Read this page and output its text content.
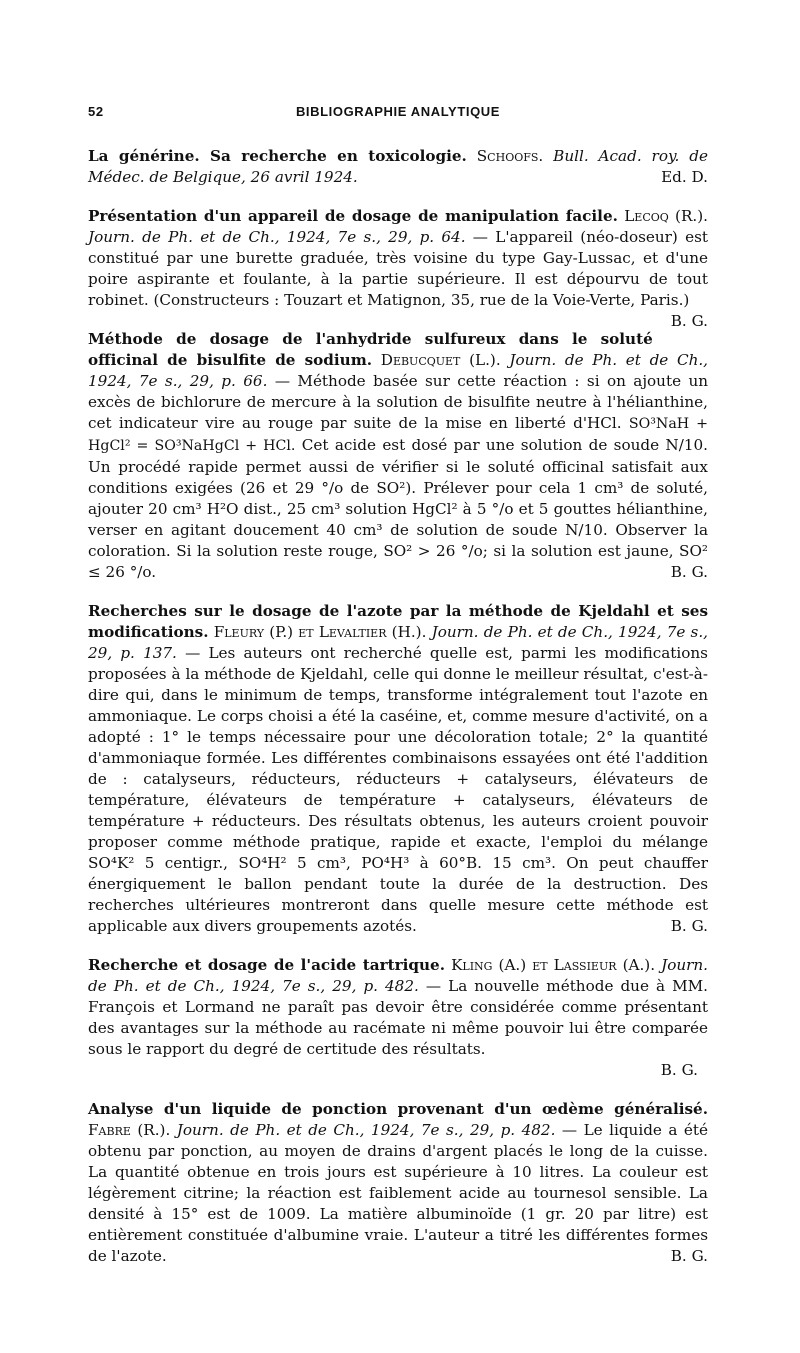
52	BIBLIOGRAPHIE ANALYTIQUE
La générine. Sa recherche en toxicologie. Schoofs. Bull. Acad. roy. de Médec. de Belgique, 26 avril 1924.	Ed. D.
Présentation d'un appareil de dosage de manipulation facile. Lecoq (R.). Journ. de Ph. et de Ch., 1924, 7e s., 29, p. 64. — L'appareil (néo-doseur) est constitué par une burette graduée, très voisine du type Gay-Lussac, et d'une poire aspirante et foulante, à la partie supérieure. Il est dépourvu de tout robinet. (Constructeurs : Touzart et Matignon, 35, rue de la Voie-Verte, Paris.)
B. G.
Méthode de dosage de l'anhydride sulfureux dans le soluté officinal de bisulfite de sodium. Debucquet (L.). Journ. de Ph. et de Ch., 1924, 7e s., 29, p. 66. — Méthode basée sur cette réaction : si on ajoute un excès de bichlorure de mercure à la solution de bisulfite neutre à l'hélianthine, cet indicateur vire au rouge par suite de la mise en liberté d'HCl. SO³NaH + HgCl² = SO³NaHgCl + HCl. Cet acide est dosé par une solution de soude N/10. Un procédé rapide permet aussi de vérifier si le soluté officinal satisfait aux conditions exigées (26 et 29 °/o de SO²). Prélever pour cela 1 cm³ de soluté, ajouter 20 cm³ H²O dist., 25 cm³ solution HgCl² à 5 °/o et 5 gouttes hélianthine, verser en agitant doucement 40 cm³ de solution de soude N/10. Observer la coloration. Si la solution reste rouge, SO² > 26 °/o; si la solution est jaune, SO² ≤ 26 °/o.	B. G.
Recherches sur le dosage de l'azote par la méthode de Kjeldahl et ses modifications. Fleury (P.) et Levaltier (H.). Journ. de Ph. et de Ch., 1924, 7e s., 29, p. 137. — Les auteurs ont recherché quelle est, parmi les modifications proposées à la méthode de Kjeldahl, celle qui donne le meilleur résultat, c'est-à-dire qui, dans le minimum de temps, transforme intégralement tout l'azote en ammoniaque. Le corps choisi a été la caséine, et, comme mesure d'activité, on a adopté : 1° le temps nécessaire pour une décoloration totale; 2° la quantité d'ammoniaque formée. Les différentes combinaisons essayées ont été l'addition de : catalyseurs, réducteurs, réducteurs + catalyseurs, élévateurs de température, élévateurs de température + catalyseurs, élévateurs de température + réducteurs. Des résultats obtenus, les auteurs croient pouvoir proposer comme méthode pratique, rapide et exacte, l'emploi du mélange SO⁴K² 5 centigr., SO⁴H² 5 cm³, PO⁴H³ à 60°B. 15 cm³. On peut chauffer énergiquement le ballon pendant toute la durée de la destruction. Des recherches ultérieures montreront dans quelle mesure cette méthode est applicable aux divers groupements azotés.	B. G.
Recherche et dosage de l'acide tartrique. Kling (A.) et Lassieur (A.). Journ. de Ph. et de Ch., 1924, 7e s., 29, p. 482. — La nouvelle méthode due à MM. François et Lormand ne paraît pas devoir être considérée comme présentant des avantages sur la méthode au racémate ni même pouvoir lui être comparée sous le rapport du degré de certitude des résultats.
B. G.
Analyse d'un liquide de ponction provenant d'un œdème généralisé. Fabre (R.). Journ. de Ph. et de Ch., 1924, 7e s., 29, p. 482. — Le liquide a été obtenu par ponction, au moyen de drains d'argent placés le long de la cuisse. La quantité obtenue en trois jours est supérieure à 10 litres. La couleur est légèrement citrine; la réaction est faiblement acide au tournesol sensible. La densité à 15° est de 1009. La matière albuminoïde (1 gr. 20 par litre) est entièrement constituée d'albumine vraie. L'auteur a titré les différentes formes de l'azote.	B. G.
